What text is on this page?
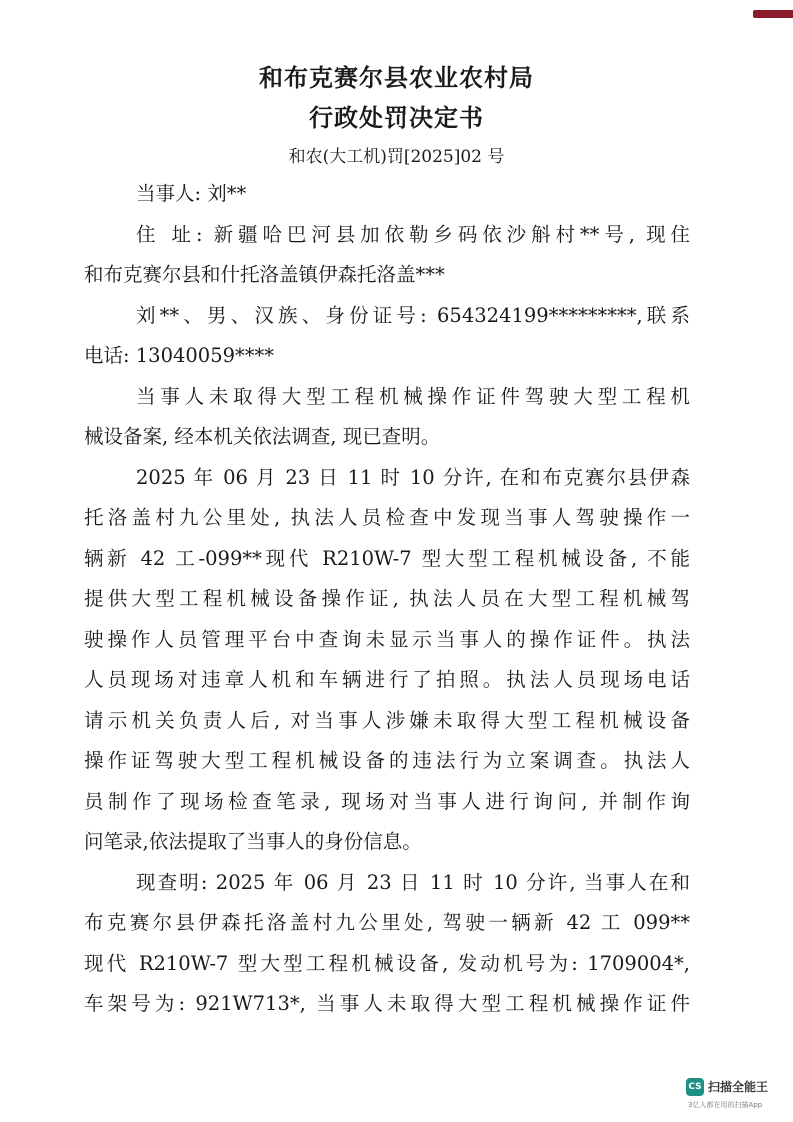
和布克赛尔县农业农村局
行政处罚决定书
和农(大工机)罚[2025]02 号
当事人: 刘**
住 址: 新疆哈巴河县加依勒乡码依沙斛村**号, 现住
和布克赛尔县和什托洛盖镇伊森托洛盖***
刘**、男、汉族、身份证号: 654324199*********,联系
电话: 13040059****
当事人未取得大型工程机械操作证件驾驶大型工程机
械设备案, 经本机关依法调查, 现已查明。
2025 年 06 月 23 日 11 时 10 分许, 在和布克赛尔县伊森
托洛盖村九公里处, 执法人员检查中发现当事人驾驶操作一
辆新 42 工-099**现代 R210W-7 型大型工程机械设备, 不能
提供大型工程机械设备操作证, 执法人员在大型工程机械驾
驶操作人员管理平台中查询未显示当事人的操作证件。执法
人员现场对违章人机和车辆进行了拍照。执法人员现场电话
请示机关负责人后, 对当事人涉嫌未取得大型工程机械设备
操作证驾驶大型工程机械设备的违法行为立案调查。执法人
员制作了现场检查笔录, 现场对当事人进行询问, 并制作询
问笔录,依法提取了当事人的身份信息。
现查明: 2025 年 06 月 23 日 11 时 10 分许, 当事人在和
布克赛尔县伊森托洛盖村九公里处, 驾驶一辆新 42 工 099**
现代 R210W-7 型大型工程机械设备, 发动机号为: 1709004*,
车架号为: 921W713*, 当事人未取得大型工程机械操作证件
CS 扫描全能王
3亿人都在用的扫描App
